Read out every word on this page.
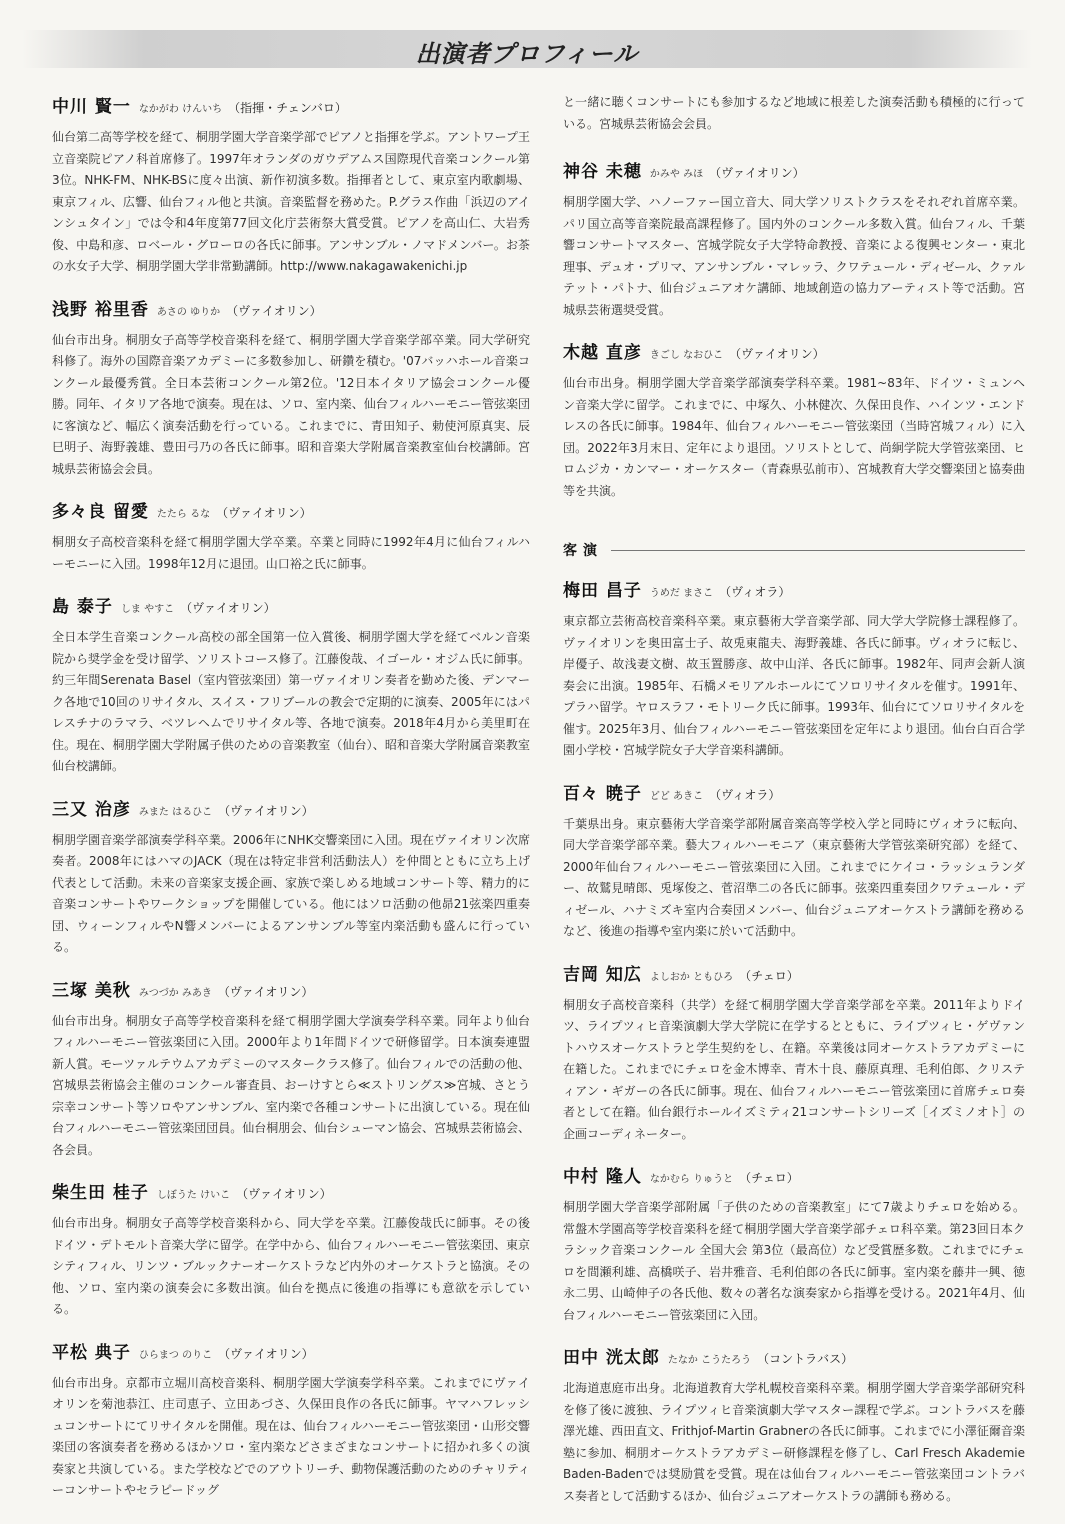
出演者プロフィール
中川 賢一 なかがわ けんいち （指揮・チェンバロ）
仙台第二高等学校を経て、桐朋学園大学音楽学部でピアノと指揮を学ぶ。アントワープ王立音楽院ピアノ科首席修了。1997年オランダのガウデアムス国際現代音楽コンクール第3位。NHK-FM、NHK-BSに度々出演、新作初演多数。指揮者として、東京室内歌劇場、東京フィル、広響、仙台フィル他と共演。音楽監督を務めた。P.グラス作曲「浜辺のアインシュタイン」では令和4年度第77回文化庁芸術祭大賞受賞。ピアノを高山仁、大岩秀俊、中島和彦、ロベール・グローロの各氏に師事。アンサンブル・ノマドメンバー。お茶の水女子大学、桐朋学園大学非常勤講師。http://www.nakagawakenichi.jp
浅野 裕里香 あさの ゆりか （ヴァイオリン）
仙台市出身。桐朋女子高等学校音楽科を経て、桐朋学園大学音楽学部卒業。同大学研究科修了。海外の国際音楽アカデミーに多数参加し、研鑽を積む。'07バッハホール音楽コンクール最優秀賞。全日本芸術コンクール第2位。'12日本イタリア協会コンクール優勝。同年、イタリア各地で演奏。現在は、ソロ、室内楽、仙台フィルハーモニー管弦楽団に客演など、幅広く演奏活動を行っている。これまでに、青田知子、勅使河原真実、辰巳明子、海野義雄、豊田弓乃の各氏に師事。昭和音楽大学附属音楽教室仙台校講師。宮城県芸術協会会員。
多々良 留愛 たたら るな （ヴァイオリン）
桐朋女子高校音楽科を経て桐朋学園大学卒業。卒業と同時に1992年4月に仙台フィルハーモニーに入団。1998年12月に退団。山口裕之氏に師事。
島 泰子 しま やすこ （ヴァイオリン）
全日本学生音楽コンクール高校の部全国第一位入賞後、桐朋学園大学を経てベルン音楽院から奨学金を受け留学、ソリストコース修了。江藤俊哉、イゴール・オジム氏に師事。約三年間Serenata Basel（室内管弦楽団）第一ヴァイオリン奏者を勤めた後、デンマーク各地で10回のリサイタル、スイス・フリブールの教会で定期的に演奏、2005年にはパレスチナのラマラ、ベツレヘムでリサイタル等、各地で演奏。2018年4月から美里町在住。現在、桐朋学園大学附属子供のための音楽教室（仙台）、昭和音楽大学附属音楽教室仙台校講師。
三又 治彦 みまた はるひこ （ヴァイオリン）
桐朋学園音楽学部演奏学科卒業。2006年にNHK交響楽団に入団。現在ヴァイオリン次席奏者。2008年にはハマのJACK（現在は特定非営利活動法人）を仲間とともに立ち上げ代表として活動。未来の音楽家支援企画、家族で楽しめる地域コンサート等、精力的に音楽コンサートやワークショップを開催している。他にはソロ活動の他昴21弦楽四重奏団、ウィーンフィルやN響メンバーによるアンサンブル等室内楽活動も盛んに行っている。
三塚 美秋 みつづか みあき （ヴァイオリン）
仙台市出身。桐朋女子高等学校音楽科を経て桐朋学園大学演奏学科卒業。同年より仙台フィルハーモニー管弦楽団に入団。2000年より1年間ドイツで研修留学。日本演奏連盟新人賞。モーツァルテウムアカデミーのマスタークラス修了。仙台フィルでの活動の他、宮城県芸術協会主催のコンクール審査員、おーけすとら≪ストリングス≫宮城、さとう宗幸コンサート等ソロやアンサンブル、室内楽で各種コンサートに出演している。現在仙台フィルハーモニー管弦楽団団員。仙台桐朋会、仙台シューマン協会、宮城県芸術協会、各会員。
柴生田 桂子 しぼうた けいこ （ヴァイオリン）
仙台市出身。桐朋女子高等学校音楽科から、同大学を卒業。江藤俊哉氏に師事。その後ドイツ・デトモルト音楽大学に留学。在学中から、仙台フィルハーモニー管弦楽団、東京シティフィル、リンツ・ブルックナーオーケストラなど内外のオーケストラと協演。その他、ソロ、室内楽の演奏会に多数出演。仙台を拠点に後進の指導にも意欲を示している。
平松 典子 ひらまつ のりこ （ヴァイオリン）
仙台市出身。京都市立堀川高校音楽科、桐朋学園大学演奏学科卒業。これまでにヴァイオリンを菊池恭江、庄司恵子、立田あづさ、久保田良作の各氏に師事。ヤマハフレッシュコンサートにてリサイタルを開催。現在は、仙台フィルハーモニー管弦楽団・山形交響楽団の客演奏者を務めるほかソロ・室内楽などさまざまなコンサートに招かれ多くの演奏家と共演している。また学校などでのアウトリーチ、動物保護活動のためのチャリティーコンサートやセラピードッグ
と一緒に聴くコンサートにも参加するなど地域に根差した演奏活動も積極的に行っている。宮城県芸術協会会員。
神谷 未穂 かみや みほ （ヴァイオリン）
桐朋学園大学、ハノーファー国立音大、同大学ソリストクラスをそれぞれ首席卒業。パリ国立高等音楽院最高課程修了。国内外のコンクール多数入賞。仙台フィル、千葉響コンサートマスター、宮城学院女子大学特命教授、音楽による復興センター・東北理事、デュオ・プリマ、アンサンブル・マレッラ、クワテュール・ディゼール、クァルテット・パトナ、仙台ジュニアオケ講師、地域創造の協力アーティスト等で活動。宮城県芸術選奨受賞。
木越 直彦 きごし なおひこ （ヴァイオリン）
仙台市出身。桐朋学園大学音楽学部演奏学科卒業。1981~83年、ドイツ・ミュンヘン音楽大学に留学。これまでに、中塚久、小林健次、久保田良作、ハインツ・エンドレスの各氏に師事。1984年、仙台フィルハーモニー管弦楽団（当時宮城フィル）に入団。2022年3月末日、定年により退団。ソリストとして、尚絅学院大学管弦楽団、ヒロムジカ・カンマー・オーケスター（青森県弘前市）、宮城教育大学交響楽団と協奏曲等を共演。
客演
梅田 昌子 うめだ まさこ （ヴィオラ）
東京都立芸術高校音楽科卒業。東京藝術大学音楽学部、同大学大学院修士課程修了。ヴァイオリンを奥田富士子、故兎東龍夫、海野義雄、各氏に師事。ヴィオラに転じ、岸優子、故浅妻文樹、故玉置勝彦、故中山洋、各氏に師事。1982年、同声会新人演奏会に出演。1985年、石橋メモリアルホールにてソロリサイタルを催す。1991年、プラハ留学。ヤロスラフ・モトリーク氏に師事。1993年、仙台にてソロリサイタルを催す。2025年3月、仙台フィルハーモニー管弦楽団を定年により退団。仙台白百合学園小学校・宮城学院女子大学音楽科講師。
百々 暁子 どど あきこ （ヴィオラ）
千葉県出身。東京藝術大学音楽学部附属音楽高等学校入学と同時にヴィオラに転向、同大学音楽学部卒業。藝大フィルハーモニア（東京藝術大学管弦楽研究部）を経て、2000年仙台フィルハーモニー管弦楽団に入団。これまでにケイコ・ラッシュランダー、故鷲見晴郎、兎塚俊之、菅沼準二の各氏に師事。弦楽四重奏団クワテュール・ディゼール、ハナミズキ室内合奏団メンバー、仙台ジュニアオーケストラ講師を務めるなど、後進の指導や室内楽に於いて活動中。
吉岡 知広 よしおか ともひろ （チェロ）
桐朋女子高校音楽科（共学）を経て桐朋学園大学音楽学部を卒業。2011年よりドイツ、ライプツィヒ音楽演劇大学大学院に在学するとともに、ライプツィヒ・ゲヴァントハウスオーケストラと学生契約をし、在籍。卒業後は同オーケストラアカデミーに在籍した。これまでにチェロを金木博幸、青木十良、藤原真理、毛利伯郎、クリスティアン・ギガーの各氏に師事。現在、仙台フィルハーモニー管弦楽団に首席チェロ奏者として在籍。仙台銀行ホールイズミティ21コンサートシリーズ［イズミノオト］の企画コーディネーター。
中村 隆人 なかむら りゅうと （チェロ）
桐朋学園大学音楽学部附属「子供のための音楽教室」にて7歳よりチェロを始める。常盤木学園高等学校音楽科を経て桐朋学園大学音楽学部チェロ科卒業。第23回日本クラシック音楽コンクール 全国大会 第3位（最高位）など受賞歴多数。これまでにチェロを間瀬利雄、高橋咲子、岩井雅音、毛利伯郎の各氏に師事。室内楽を藤井一興、徳永二男、山崎伸子の各氏他、数々の著名な演奏家から指導を受ける。2021年4月、仙台フィルハーモニー管弦楽団に入団。
田中 洸太郎 たなか こうたろう （コントラバス）
北海道恵庭市出身。北海道教育大学札幌校音楽科卒業。桐朋学園大学音楽学部研究科を修了後に渡独、ライプツィヒ音楽演劇大学マスター課程で学ぶ。コントラバスを藤澤光雄、西田直文、Frithjof-Martin Grabnerの各氏に師事。これまでに小澤征爾音楽塾に参加、桐朋オーケストラアカデミー研修課程を修了し、Carl Fresch Akademie Baden-Badenでは奨励賞を受賞。現在は仙台フィルハーモニー管弦楽団コントラバス奏者として活動するほか、仙台ジュニアオーケストラの講師も務める。
